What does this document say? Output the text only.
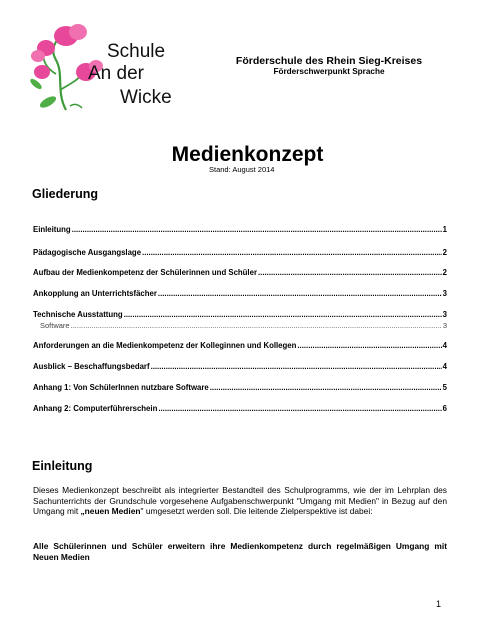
Schule
An der
Wicke
Förderschule des Rhein Sieg-Kreises
Förderschwerpunkt Sprache
Medienkonzept
Stand: August 2014
Gliederung
Einleitung .....	1
Pädagogische Ausgangslage .....	2
Aufbau der Medienkompetenz der Schülerinnen und Schüler .....	2
Ankopplung an Unterrichtsfächer .....	3
Technische Ausstattung .....	3
Software .....	3
Anforderungen an die Medienkompetenz der Kolleginnen und Kollegen .....	4
Ausblick – Beschaffungsbedarf .....	4
Anhang 1: Von SchülerInnen nutzbare Software .....	5
Anhang 2: Computerführerschein .....	6
Einleitung
Dieses Medienkonzept beschreibt als integrierter Bestandteil des Schulprogramms, wie der im Lehrplan des Sachunterrichts der Grundschule vorgesehene Aufgabenschwerpunkt "Umgang mit Medien" in Bezug auf den Umgang mit „neuen Medien" umgesetzt werden soll. Die leitende Zielperspektive ist dabei:
Alle Schülerinnen und Schüler erweitern ihre Medienkompetenz durch regelmäßigen Umgang mit Neuen Medien
1
